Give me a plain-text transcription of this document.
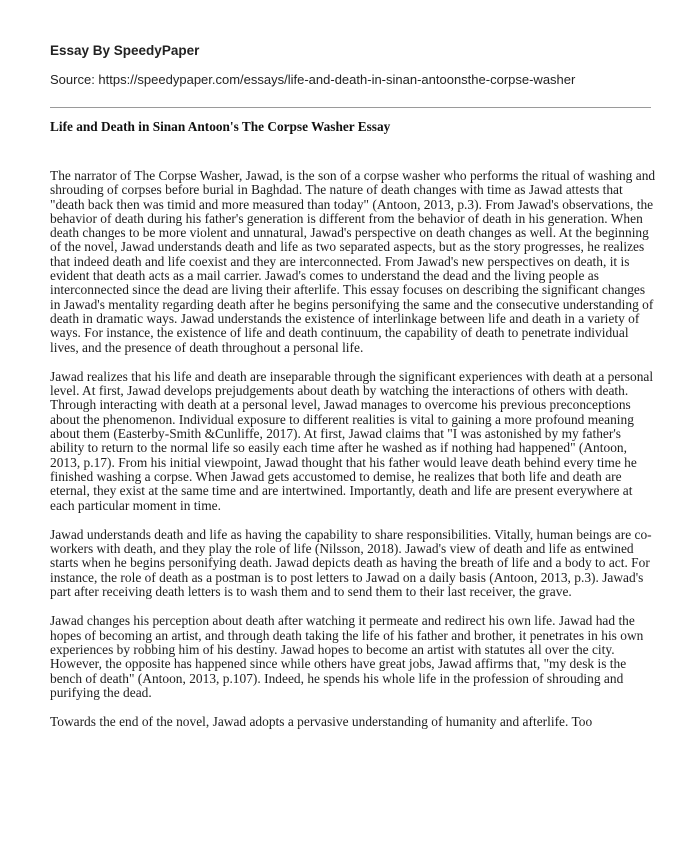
Essay By SpeedyPaper
Source: https://speedypaper.com/essays/life-and-death-in-sinan-antoonsthe-corpse-washer
Life and Death in Sinan Antoon's The Corpse Washer Essay

The narrator of The Corpse Washer, Jawad, is the son of a corpse washer who performs the ritual of washing and shrouding of corpses before burial in Baghdad. The nature of death changes with time as Jawad attests that "death back then was timid and more measured than today" (Antoon, 2013, p.3). From Jawad's observations, the behavior of death during his father's generation is different from the behavior of death in his generation. When death changes to be more violent and unnatural, Jawad's perspective on death changes as well. At the beginning of the novel, Jawad understands death and life as two separated aspects, but as the story progresses, he realizes that indeed death and life coexist and they are interconnected. From Jawad's new perspectives on death, it is evident that death acts as a mail carrier. Jawad's comes to understand the dead and the living people as interconnected since the dead are living their afterlife. This essay focuses on describing the significant changes in Jawad's mentality regarding death after he begins personifying the same and the consecutive understanding of death in dramatic ways. Jawad understands the existence of interlinkage between life and death in a variety of ways. For instance, the existence of life and death continuum, the capability of death to penetrate individual lives, and the presence of death throughout a personal life.

Jawad realizes that his life and death are inseparable through the significant experiences with death at a personal level. At first, Jawad develops prejudgements about death by watching the interactions of others with death. Through interacting with death at a personal level, Jawad manages to overcome his previous preconceptions about the phenomenon. Individual exposure to different realities is vital to gaining a more profound meaning about them (Easterby-Smith &Cunliffe, 2017). At first, Jawad claims that "I was astonished by my father's ability to return to the normal life so easily each time after he washed as if nothing had happened" (Antoon, 2013, p.17). From his initial viewpoint, Jawad thought that his father would leave death behind every time he finished washing a corpse. When Jawad gets accustomed to demise, he realizes that both life and death are eternal, they exist at the same time and are intertwined. Importantly, death and life are present everywhere at each particular moment in time.

Jawad understands death and life as having the capability to share responsibilities. Vitally, human beings are co-workers with death, and they play the role of life (Nilsson, 2018). Jawad's view of death and life as entwined starts when he begins personifying death. Jawad depicts death as having the breath of life and a body to act. For instance, the role of death as a postman is to post letters to Jawad on a daily basis (Antoon, 2013, p.3). Jawad's part after receiving death letters is to wash them and to send them to their last receiver, the grave.

Jawad changes his perception about death after watching it permeate and redirect his own life. Jawad had the hopes of becoming an artist, and through death taking the life of his father and brother, it penetrates in his own experiences by robbing him of his destiny. Jawad hopes to become an artist with statutes all over the city. However, the opposite has happened since while others have great jobs, Jawad affirms that, "my desk is the bench of death" (Antoon, 2013, p.107). Indeed, he spends his whole life in the profession of shrouding and purifying the dead.

Towards the end of the novel, Jawad adopts a pervasive understanding of humanity and afterlife. Too
